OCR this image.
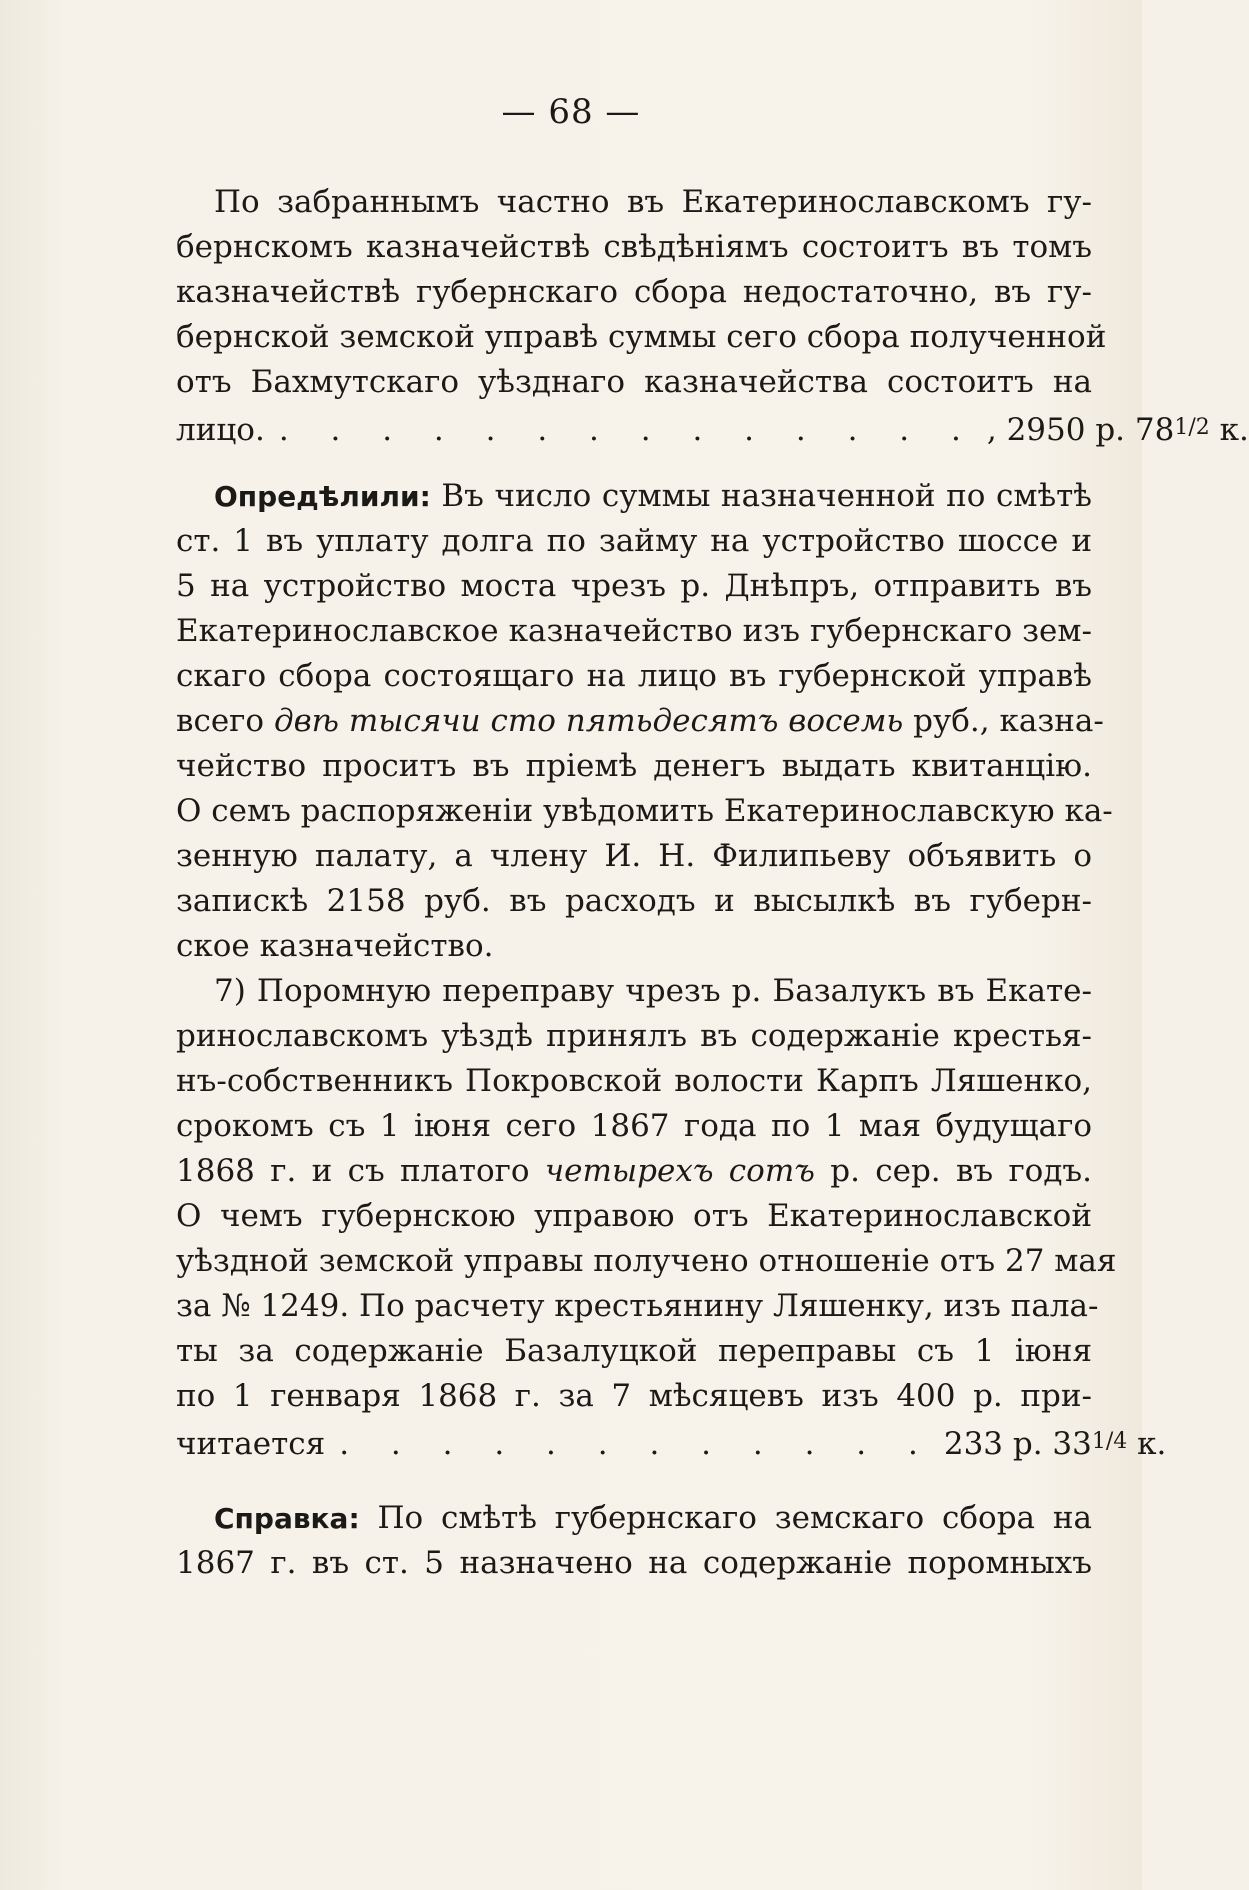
— 68 —
По забраннымъ частно въ Екатеринославскомъ гу-
бернскомъ казначействѣ свѣдѣніямъ состоитъ въ томъ
казначействѣ губернскаго сбора недостаточно, въ гу-
бернской земской управѣ суммы сего сбора полученной
отъ Бахмутскаго уѣзднаго казначейства состоитъ на
лицо. . . . . . . . . . . . . . . , 2950 р. 781/2 к.
Опредѣлили: Въ число суммы назначенной по смѣтѣ
ст. 1 въ уплату долга по займу на устройство шоссе и
5 на устройство моста чрезъ р. Днѣпръ, отправить въ
Екатеринославское казначейство изъ губернскаго зем-
скаго сбора состоящаго на лицо въ губернской управѣ
всего двѣ тысячи сто пятьдесятъ восемь руб., казна-
чейство проситъ въ пріемѣ денегъ выдать квитанцію.
О семъ распоряженіи увѣдомить Екатеринославскую ка-
зенную палату, а члену И. Н. Филипьеву объявить о
запискѣ 2158 руб. въ расходъ и высылкѣ въ губерн-
ское казначейство.
7) Поромную переправу чрезъ р. Базалукъ въ Екате-
ринославскомъ уѣздѣ принялъ въ содержаніе крестья-
нъ-собственникъ Покровской волости Карпъ Ляшенко,
срокомъ съ 1 іюня сего 1867 года по 1 мая будущаго
1868 г. и съ платого четырехъ сотъ р. сер. въ годъ.
О чемъ губернскою управою отъ Екатеринославской
уѣздной земской управы получено отношеніе отъ 27 мая
за № 1249. По расчету крестьянину Ляшенку, изъ пала-
ты за содержаніе Базалуцкой переправы съ 1 іюня
по 1 генваря 1868 г. за 7 мѣсяцевъ изъ 400 р. при-
читается . . . . . . . . . . . . 233 р. 331/4 к.
Справка: По смѣтѣ губернскаго земскаго сбора на
1867 г. въ ст. 5 назначено на содержаніе поромныхъ
